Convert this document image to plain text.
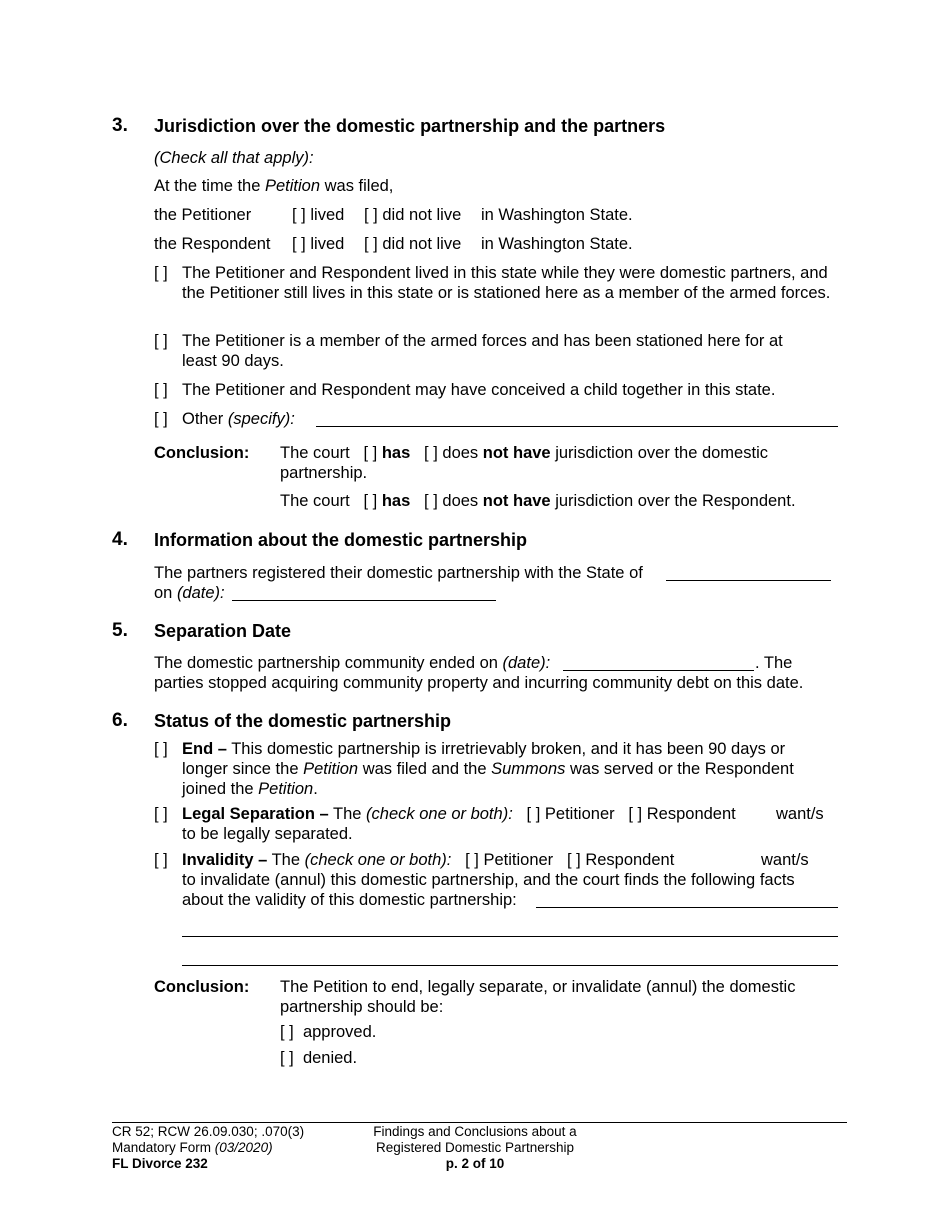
3. Jurisdiction over the domestic partnership and the partners
(Check all that apply):
At the time the Petition was filed,
the Petitioner [ ] lived [ ] did not live in Washington State.
the Respondent [ ] lived [ ] did not live in Washington State.
[ ] The Petitioner and Respondent lived in this state while they were domestic partners, and the Petitioner still lives in this state or is stationed here as a member of the armed forces.
[ ] The Petitioner is a member of the armed forces and has been stationed here for at least 90 days.
[ ] The Petitioner and Respondent may have conceived a child together in this state.
[ ] Other (specify):
Conclusion: The court [ ] has [ ] does not have jurisdiction over the domestic partnership.
The court [ ] has [ ] does not have jurisdiction over the Respondent.
4. Information about the domestic partnership
The partners registered their domestic partnership with the State of
on (date):
5. Separation Date
The domestic partnership community ended on (date):	. The
parties stopped acquiring community property and incurring community debt on this date.
6. Status of the domestic partnership
[ ] End – This domestic partnership is irretrievably broken, and it has been 90 days or longer since the Petition was filed and the Summons was served or the Respondent joined the Petition.
[ ] Legal Separation – The (check one or both): [ ] Petitioner [ ] Respondent	want/s to be legally separated.
[ ] Invalidity – The (check one or both): [ ] Petitioner [ ] Respondent	want/s to invalidate (annul) this domestic partnership, and the court finds the following facts about the validity of this domestic partnership:
Conclusion: The Petition to end, legally separate, or invalidate (annul) the domestic partnership should be:
[ ] approved.
[ ] denied.
CR 52; RCW 26.09.030; .070(3)
Mandatory Form (03/2020)
FL Divorce 232
Findings and Conclusions about a
Registered Domestic Partnership
p. 2 of 10
